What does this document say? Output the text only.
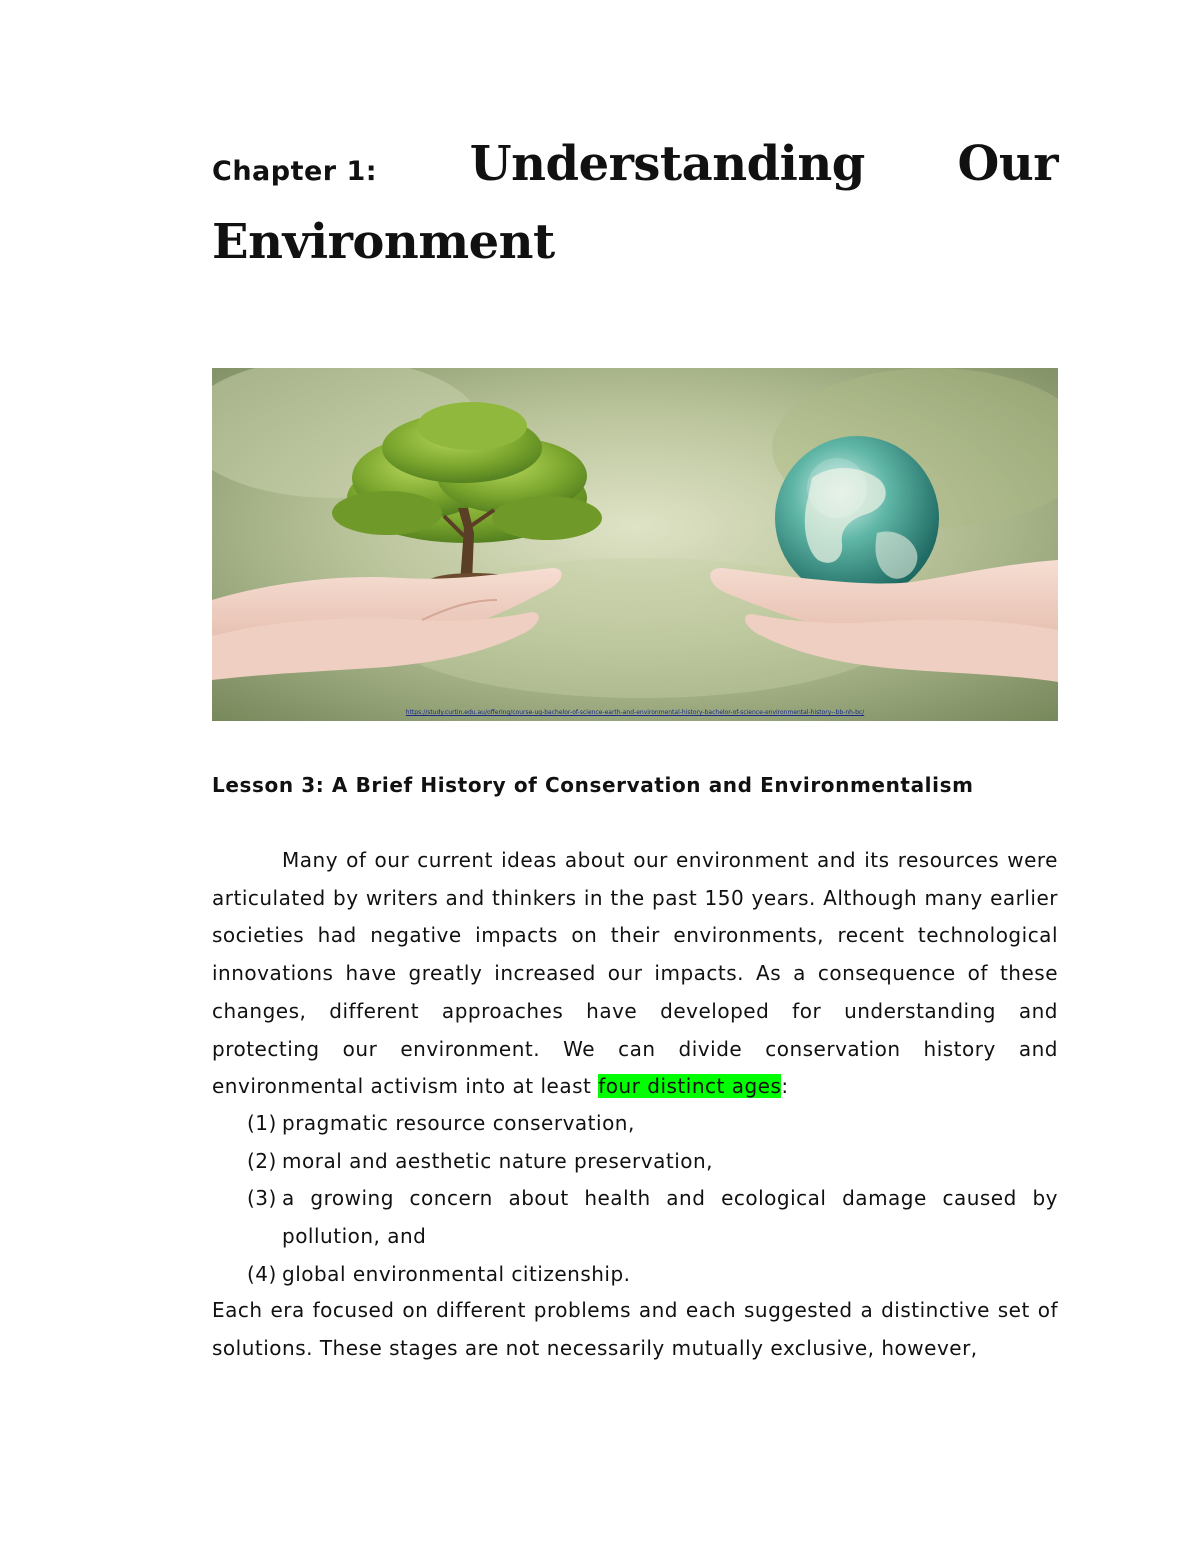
Chapter 1: Understanding Our
Environment
https://study.curtin.edu.au/offering/course-ug-bachelor-of-science-earth-and-environmental-history-bachelor-of-science-environmental-history--bb-nh-bc/
Lesson 3: A Brief History of Conservation and Environmentalism
Many of our current ideas about our environment and its resources were articulated by writers and thinkers in the past 150 years. Although many earlier societies had negative impacts on their environments, recent technological innovations have greatly increased our impacts. As a consequence of these changes, different approaches have developed for understanding and protecting our environment. We can divide conservation history and environmental activism into at least four distinct ages:
(1) pragmatic resource conservation,
(2) moral and aesthetic nature preservation,
(3) a growing concern about health and ecological damage caused by pollution, and
(4) global environmental citizenship.
Each era focused on different problems and each suggested a distinctive set of solutions. These stages are not necessarily mutually exclusive, however,
